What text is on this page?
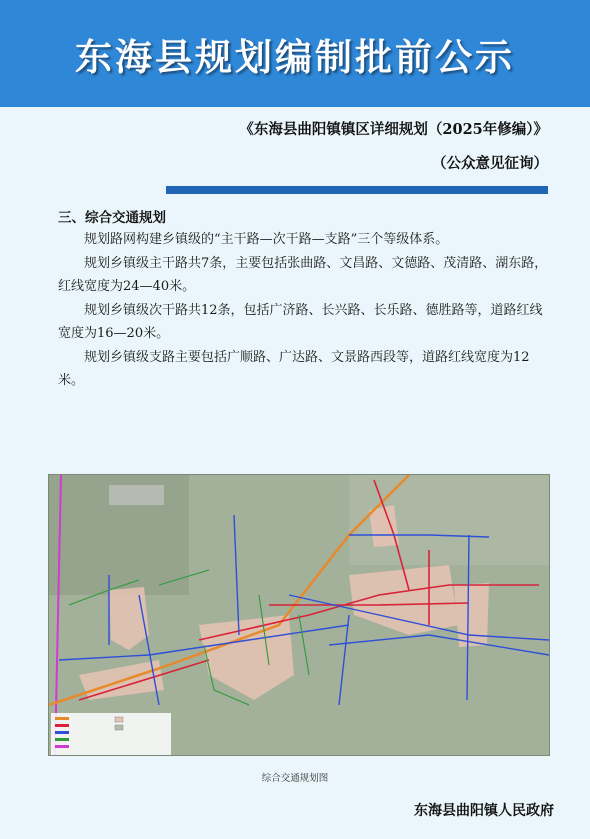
东海县规划编制批前公示
《东海县曲阳镇镇区详细规划（2025年修编）》
（公众意见征询）
三、综合交通规划

规划路网构建乡镇级的“主干路—次干路—支路”三个等级体系。

规划乡镇级主干路共7条，主要包括张曲路、文昌路、文德路、茂清路、湖东路，红线宽度为24—40米。

规划乡镇级次干路共12条，包括广济路、长兴路、长乐路、德胜路等，道路红线宽度为16—20米。

规划乡镇级支路主要包括广顺路、广达路、文景路西段等，道路红线宽度为12米。

综合交通规划图
东海县曲阳镇人民政府
